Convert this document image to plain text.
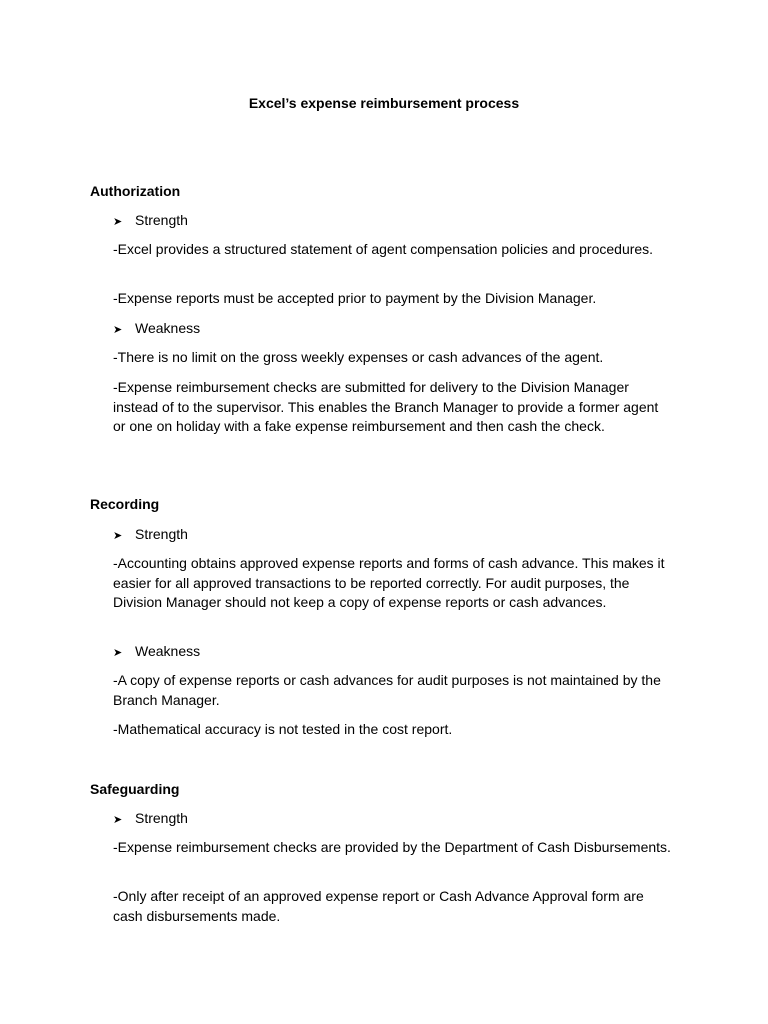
Excel’s expense reimbursement process
Authorization
➤ Strength
-Excel provides a structured statement of agent compensation policies and procedures.
-Expense reports must be accepted prior to payment by the Division Manager.
➤ Weakness
-There is no limit on the gross weekly expenses or cash advances of the agent.
-Expense reimbursement checks are submitted for delivery to the Division Manager instead of to the supervisor. This enables the Branch Manager to provide a former agent or one on holiday with a fake expense reimbursement and then cash the check.
Recording
➤ Strength
-Accounting obtains approved expense reports and forms of cash advance. This makes it easier for all approved transactions to be reported correctly. For audit purposes, the Division Manager should not keep a copy of expense reports or cash advances.
➤ Weakness
-A copy of expense reports or cash advances for audit purposes is not maintained by the Branch Manager.
-Mathematical accuracy is not tested in the cost report.
Safeguarding
➤ Strength
-Expense reimbursement checks are provided by the Department of Cash Disbursements.
-Only after receipt of an approved expense report or Cash Advance Approval form are cash disbursements made.
